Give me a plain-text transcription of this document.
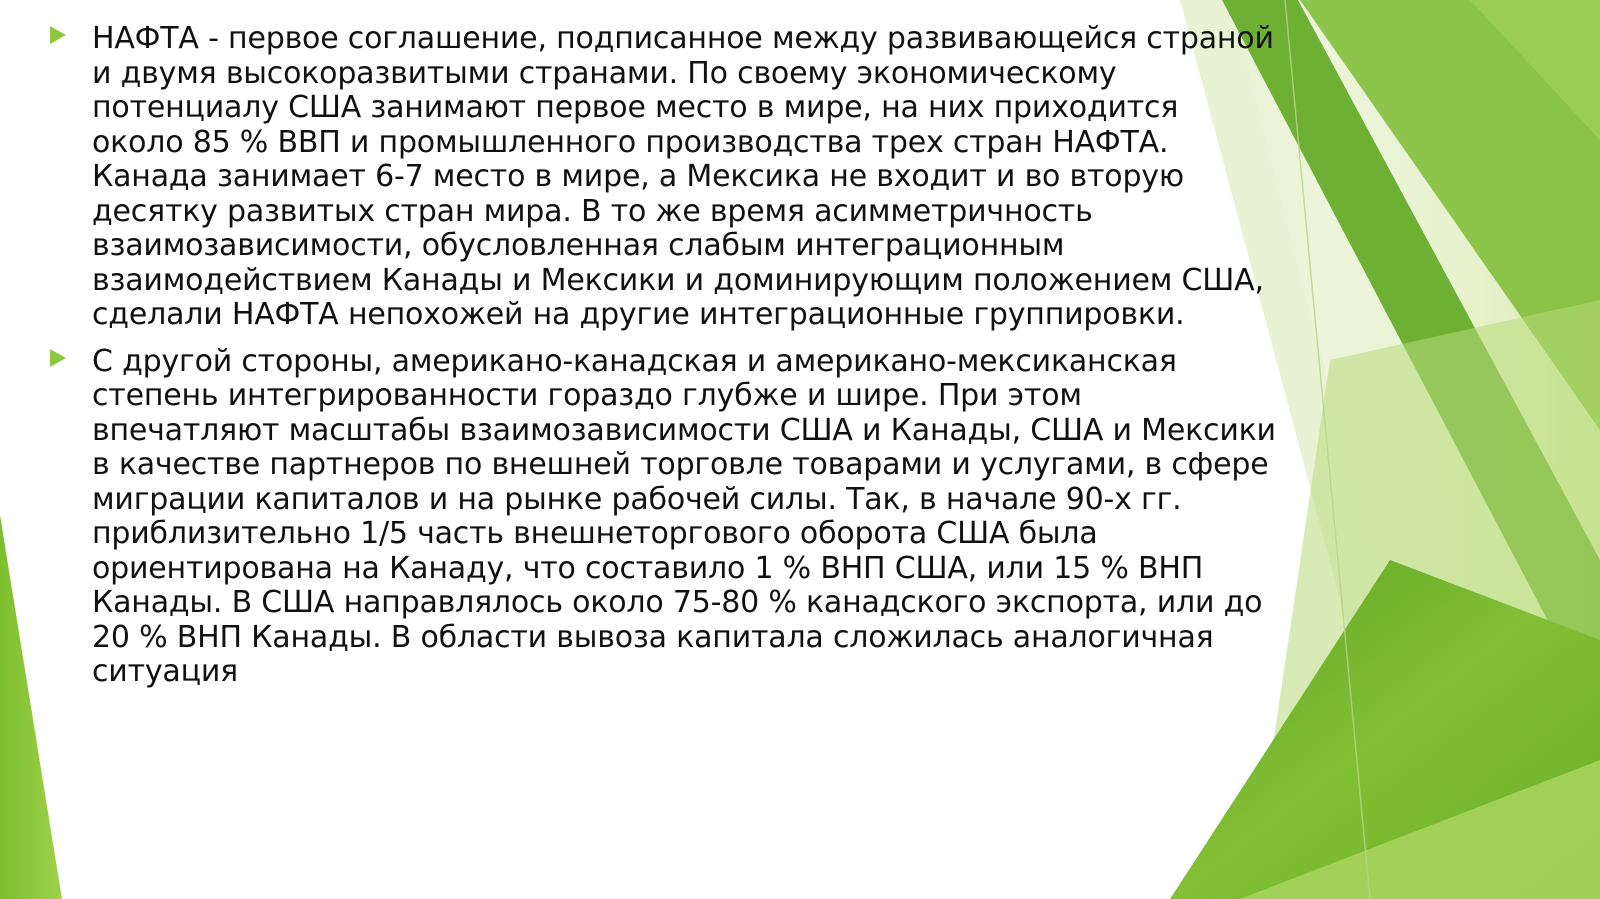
НАФТА - первое соглашение, подписанное между развивающейся страной и двумя высокоразвитыми странами. По своему экономическому потенциалу США занимают первое место в мире, на них приходится около 85 % ВВП и промышленного производства трех стран НАФТА. Канада занимает 6-7 место в мире, а Мексика не входит и во вторую десятку развитых стран мира. В то же время асимметричность взаимозависимости, обусловленная слабым интеграционным взаимодействием Канады и Мексики и доминирующим положением США, сделали НАФТА непохожей на другие интеграционные группировки.

С другой стороны, американо-канадская и американо-мексиканская степень интегрированности гораздо глубже и шире. При этом впечатляют масштабы взаимозависимости США и Канады, США и Мексики в качестве партнеров по внешней торговле товарами и услугами, в сфере миграции капиталов и на рынке рабочей силы. Так, в начале 90-х гг. приблизительно 1/5 часть внешнеторгового оборота США была ориентирована на Канаду, что составило 1 % ВНП США, или 15 % ВНП Канады. В США направлялось около 75-80 % канадского экспорта, или до 20 % ВНП Канады. В области вывоза капитала сложилась аналогичная ситуация
